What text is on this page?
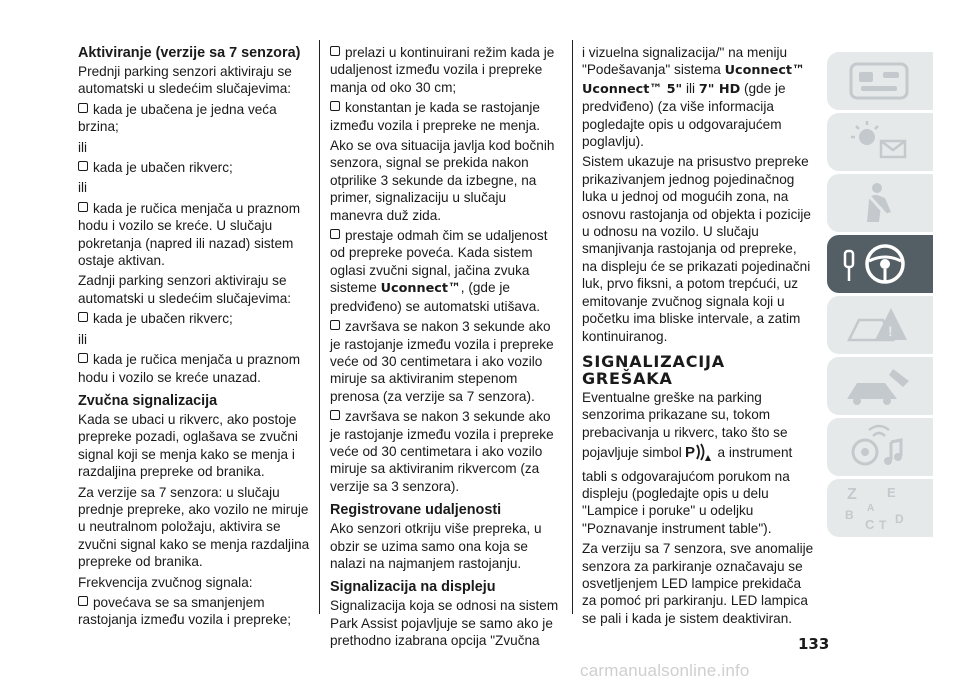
Aktiviranje (verzije sa 7 senzora)

Prednji parking senzori aktiviraju se automatski u sledećim slučajevima:

kada je ubačena je jedna veća brzina;

ili

kada je ubačen rikverc;

ili

kada je ručica menjača u praznom hodu i vozilo se kreće. U slučaju pokretanja (napred ili nazad) sistem ostaje aktivan.

Zadnji parking senzori aktiviraju se automatski u sledećim slučajevima:

kada je ubačen rikverc;

ili

kada je ručica menjača u praznom hodu i vozilo se kreće unazad.

Zvučna signalizacija

Kada se ubaci u rikverc, ako postoje prepreke pozadi, oglašava se zvučni signal koji se menja kako se menja i razdaljina prepreke od branika.

Za verzije sa 7 senzora: u slučaju prednje prepreke, ako vozilo ne miruje u neutralnom položaju, aktivira se zvučni signal kako se menja razdaljina prepreke od branika.

Frekvencija zvučnog signala:

povećava se sa smanjenjem rastojanja između vozila i prepreke;

prelazi u kontinuirani režim kada je udaljenost između vozila i prepreke manja od oko 30 cm;

konstantan je kada se rastojanje između vozila i prepreke ne menja.

Ako se ova situacija javlja kod bočnih senzora, signal se prekida nakon otprilike 3 sekunde da izbegne, na primer, signalizaciju u slučaju manevra duž zida.

prestaje odmah čim se udaljenost od prepreke poveća. Kada sistem oglasi zvučni signal, jačina zvuka sisteme Uconnect™, (gde je predviđeno) se automatski utišava.

završava se nakon 3 sekunde ako je rastojanje između vozila i prepreke veće od 30 centimetara i ako vozilo miruje sa aktiviranim stepenom prenosa (za verzije sa 7 senzora).

završava se nakon 3 sekunde ako je rastojanje između vozila i prepreke veće od 30 centimetara i ako vozilo miruje sa aktiviranim rikvercom (za verzije sa 3 senzora).

Registrovane udaljenosti

Ako senzori otkriju više prepreka, u obzir se uzima samo ona koja se nalazi na najmanjem rastojanju.

Signalizacija na displeju

Signalizacija koja se odnosi na sistem Park Assist pojavljuje se samo ako je prethodno izabrana opcija "Zvučna

i vizuelna signalizacija/" na meniju "Podešavanja" sistema Uconnect™ Uconnect™ 5" ili 7" HD (gde je predviđeno) (za više informacija pogledajte opis u odgovarajućem poglavlju).

Sistem ukazuje na prisustvo prepreke prikazivanjem jednog pojedinačnog luka u jednoj od mogućih zona, na osnovu rastojanja od objekta i pozicije u odnosu na vozilo. U slučaju smanjivanja rastojanja od prepreke, na displeju će se prikazati pojedinačni luk, prvo fiksni, a potom trepćući, uz emitovanje zvučnog signala koji u početku ima bliske intervale, a zatim kontinuiranog.

SIGNALIZACIJA GREŠAKA

Eventualne greške na parking senzorima prikazane su, tokom prebacivanja u rikverc, tako što se pojavljuje simbol P a instrument tabli s odgovarajućom porukom na displeju (pogledajte opis u delu "Lampice i poruke" u odeljku "Poznavanje instrument table").

Za verziju sa 7 senzora, sve anomalije senzora za parkiranje označavaju se osvetljenjem LED lampice prekidača za pomoć pri parkiranju. LED lampica se pali i kada je sistem deaktiviran.

!
Z E
B
C T D
A
133
carmanualsonline.info
